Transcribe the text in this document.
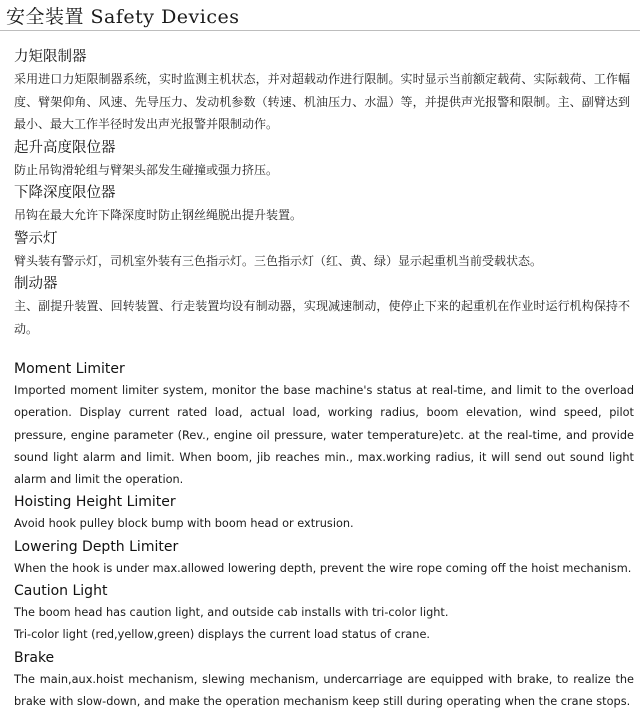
安全装置 Safety Devices
力矩限制器

采用进口力矩限制器系统，实时监测主机状态，并对超载动作进行限制。实时显示当前额定载荷、实际载荷、工作幅度、臂架仰角、风速、先导压力、发动机参数（转速、机油压力、水温）等，并提供声光报警和限制。主、副臂达到最小、最大工作半径时发出声光报警并限制动作。

起升高度限位器

防止吊钩滑轮组与臂架头部发生碰撞或强力挤压。

下降深度限位器

吊钩在最大允许下降深度时防止钢丝绳脱出提升装置。

警示灯

臂头装有警示灯，司机室外装有三色指示灯。三色指示灯（红、黄、绿）显示起重机当前受载状态。

制动器

主、副提升装置、回转装置、行走装置均设有制动器，实现减速制动，使停止下来的起重机在作业时运行机构保持不动。

Moment Limiter

Imported moment limiter system, monitor the base machine's status at real-time, and limit to the overload operation. Display current rated load, actual load, working radius, boom elevation, wind speed, pilot pressure, engine parameter (Rev., engine oil pressure, water temperature)etc. at the real-time, and provide sound light alarm and limit. When boom, jib reaches min., max.working radius, it will send out sound light alarm and limit the operation.

Hoisting Height Limiter

Avoid hook pulley block bump with boom head or extrusion.

Lowering Depth Limiter

When the hook is under max.allowed lowering depth, prevent the wire rope coming off the hoist mechanism.

Caution Light

The boom head has caution light, and outside cab installs with tri-color light.

Tri-color light (red,yellow,green) displays the current load status of crane.

Brake

The main,aux.hoist mechanism, slewing mechanism, undercarriage are equipped with brake, to realize the brake with slow-down, and make the operation mechanism keep still during operating when the crane stops.
